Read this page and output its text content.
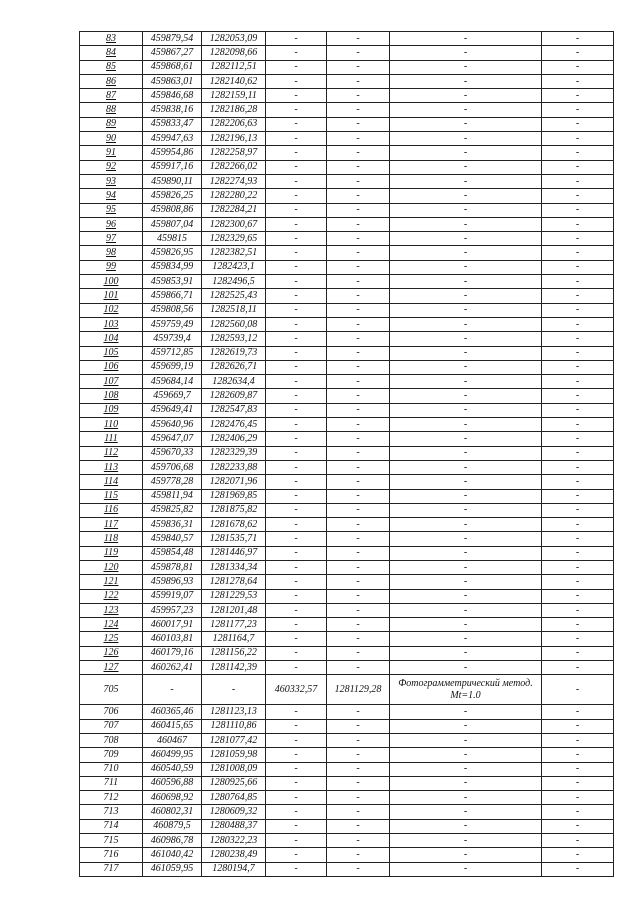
83	459879,54	1282053,09	-	-	-	-
84	459867,27	1282098,66	-	-	-	-
85	459868,61	1282112,51	-	-	-	-
86	459863,01	1282140,62	-	-	-	-
87	459846,68	1282159,11	-	-	-	-
88	459838,16	1282186,28	-	-	-	-
89	459833,47	1282206,63	-	-	-	-
90	459947,63	1282196,13	-	-	-	-
91	459954,86	1282258,97	-	-	-	-
92	459917,16	1282266,02	-	-	-	-
93	459890,11	1282274,93	-	-	-	-
94	459826,25	1282280,22	-	-	-	-
95	459808,86	1282284,21	-	-	-	-
96	459807,04	1282300,67	-	-	-	-
97	459815	1282329,65	-	-	-	-
98	459826,95	1282382,51	-	-	-	-
99	459834,99	1282423,1	-	-	-	-
100	459853,91	1282496,5	-	-	-	-
101	459866,71	1282525,43	-	-	-	-
102	459808,56	1282518,11	-	-	-	-
103	459759,49	1282560,08	-	-	-	-
104	459739,4	1282593,12	-	-	-	-
105	459712,85	1282619,73	-	-	-	-
106	459699,19	1282626,71	-	-	-	-
107	459684,14	1282634,4	-	-	-	-
108	459669,7	1282609,87	-	-	-	-
109	459649,41	1282547,83	-	-	-	-
110	459640,96	1282476,45	-	-	-	-
111	459647,07	1282406,29	-	-	-	-
112	459670,33	1282329,39	-	-	-	-
113	459706,68	1282233,88	-	-	-	-
114	459778,28	1282071,96	-	-	-	-
115	459811,94	1281969,85	-	-	-	-
116	459825,82	1281875,82	-	-	-	-
117	459836,31	1281678,62	-	-	-	-
118	459840,57	1281535,71	-	-	-	-
119	459854,48	1281446,97	-	-	-	-
120	459878,81	1281334,34	-	-	-	-
121	459896,93	1281278,64	-	-	-	-
122	459919,07	1281229,53	-	-	-	-
123	459957,23	1281201,48	-	-	-	-
124	460017,91	1281177,23	-	-	-	-
125	460103,81	1281164,7	-	-	-	-
126	460179,16	1281156,22	-	-	-	-
127	460262,41	1281142,39	-	-	-	-
705	-	-	460332,57	1281129,28	Фотограмметрический метод. Mt=1.0	-
706	460365,46	1281123,13	-	-	-	-
707	460415,65	1281110,86	-	-	-	-
708	460467	1281077,42	-	-	-	-
709	460499,95	1281059,98	-	-	-	-
710	460540,59	1281008,09	-	-	-	-
711	460596,88	1280925,66	-	-	-	-
712	460698,92	1280764,85	-	-	-	-
713	460802,31	1280609,32	-	-	-	-
714	460879,5	1280488,37	-	-	-	-
715	460986,78	1280322,23	-	-	-	-
716	461040,42	1280238,49	-	-	-	-
717	461059,95	1280194,7	-	-	-	-
